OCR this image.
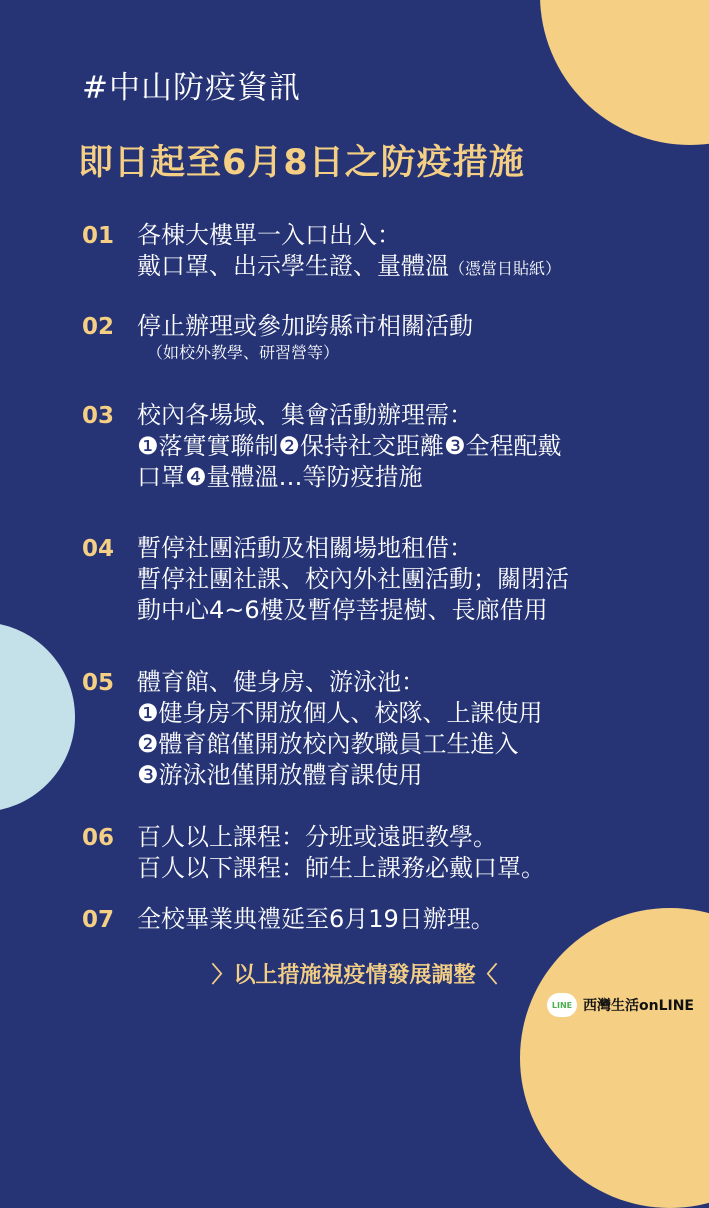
#中山防疫資訊
即日起至6月8日之防疫措施
01 各棟大樓單一入口出入：
戴口罩、出示學生證、量體溫（憑當日貼紙）
02 停止辦理或參加跨縣市相關活動
（如校外教學、研習營等）
03 校內各場域、集會活動辦理需：
❶落實實聯制❷保持社交距離❸全程配戴
口罩❹量體溫…等防疫措施
04 暫停社團活動及相關場地租借：
暫停社團社課、校內外社團活動；關閉活
動中心4~6樓及暫停菩提樹、長廊借用
05 體育館、健身房、游泳池：
❶健身房不開放個人、校隊、上課使用
❷體育館僅開放校內教職員工生進入
❸游泳池僅開放體育課使用
06 百人以上課程：分班或遠距教學。
百人以下課程：師生上課務必戴口罩。
07 全校畢業典禮延至6月19日辦理。
〉以上措施視疫情發展調整〈
LINE 西灣生活onLINE
